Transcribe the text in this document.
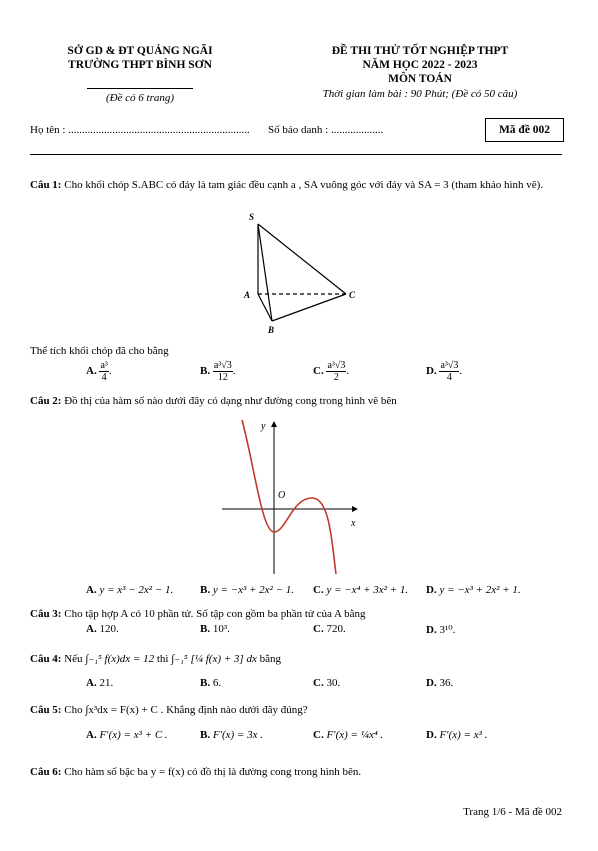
SỞ GD & ĐT QUẢNG NGÃI
TRƯỜNG THPT BÌNH SƠN
(Đề có 6 trang)
ĐỀ THI THỬ TỐT NGHIỆP THPT
NĂM HỌC 2022 - 2023
MÔN TOÁN
Thời gian làm bài : 90 Phút; (Đề có 50 câu)
Họ tên : .................................................................. Số báo danh : ...................	Mã đề 002
Câu 1: Cho khối chóp S.ABC có đáy là tam giác đều cạnh a , SA vuông góc với đáy và SA = 3 (tham khảo hình vẽ).
S
A
B
C
Thể tích khối chóp đã cho bằng
A. $\frac{\text{a³}}{4}$ .	B. $\frac{\text{a³√3}}{12}$ .	C. $\frac{\text{a³√3}}{2}$ .	D. $\frac{\text{a³√3}}{4}$ .
Câu 2: Đồ thị của hàm số nào dưới đây có dạng như đường cong trong hình vẽ bên
y
O
x
A. y = x³ − 2x² − 1. B. y = −x³ + 2x² − 1. C. y = −x⁴ + 3x² + 1. D. y = −x³ + 2x² + 1.
Câu 3: Cho tập hợp A có 10 phần tử. Số tập con gồm ba phần tử của A bằng
A. 120.	B. 10³.	C. 720.	D. 3¹⁰.
Câu 4: Nếu ∫₋₁⁵ f(x)dx = 12 thì ∫₋₁⁵ [¼ f(x) + 3] dx bằng
A. 21.	B. 6.	C. 30.	D. 36.
Câu 5: Cho ∫x³dx = F(x) + C . Khẳng định nào dưới đây đúng?
A. F′(x) = x³ + C .	B. F′(x) = 3x .	C. F′(x) = ¼x⁴ .	D. F′(x) = x³ .
Câu 6: Cho hàm số bậc ba y = f(x) có đồ thị là đường cong trong hình bên.
Trang 1/6 - Mã đề 002
